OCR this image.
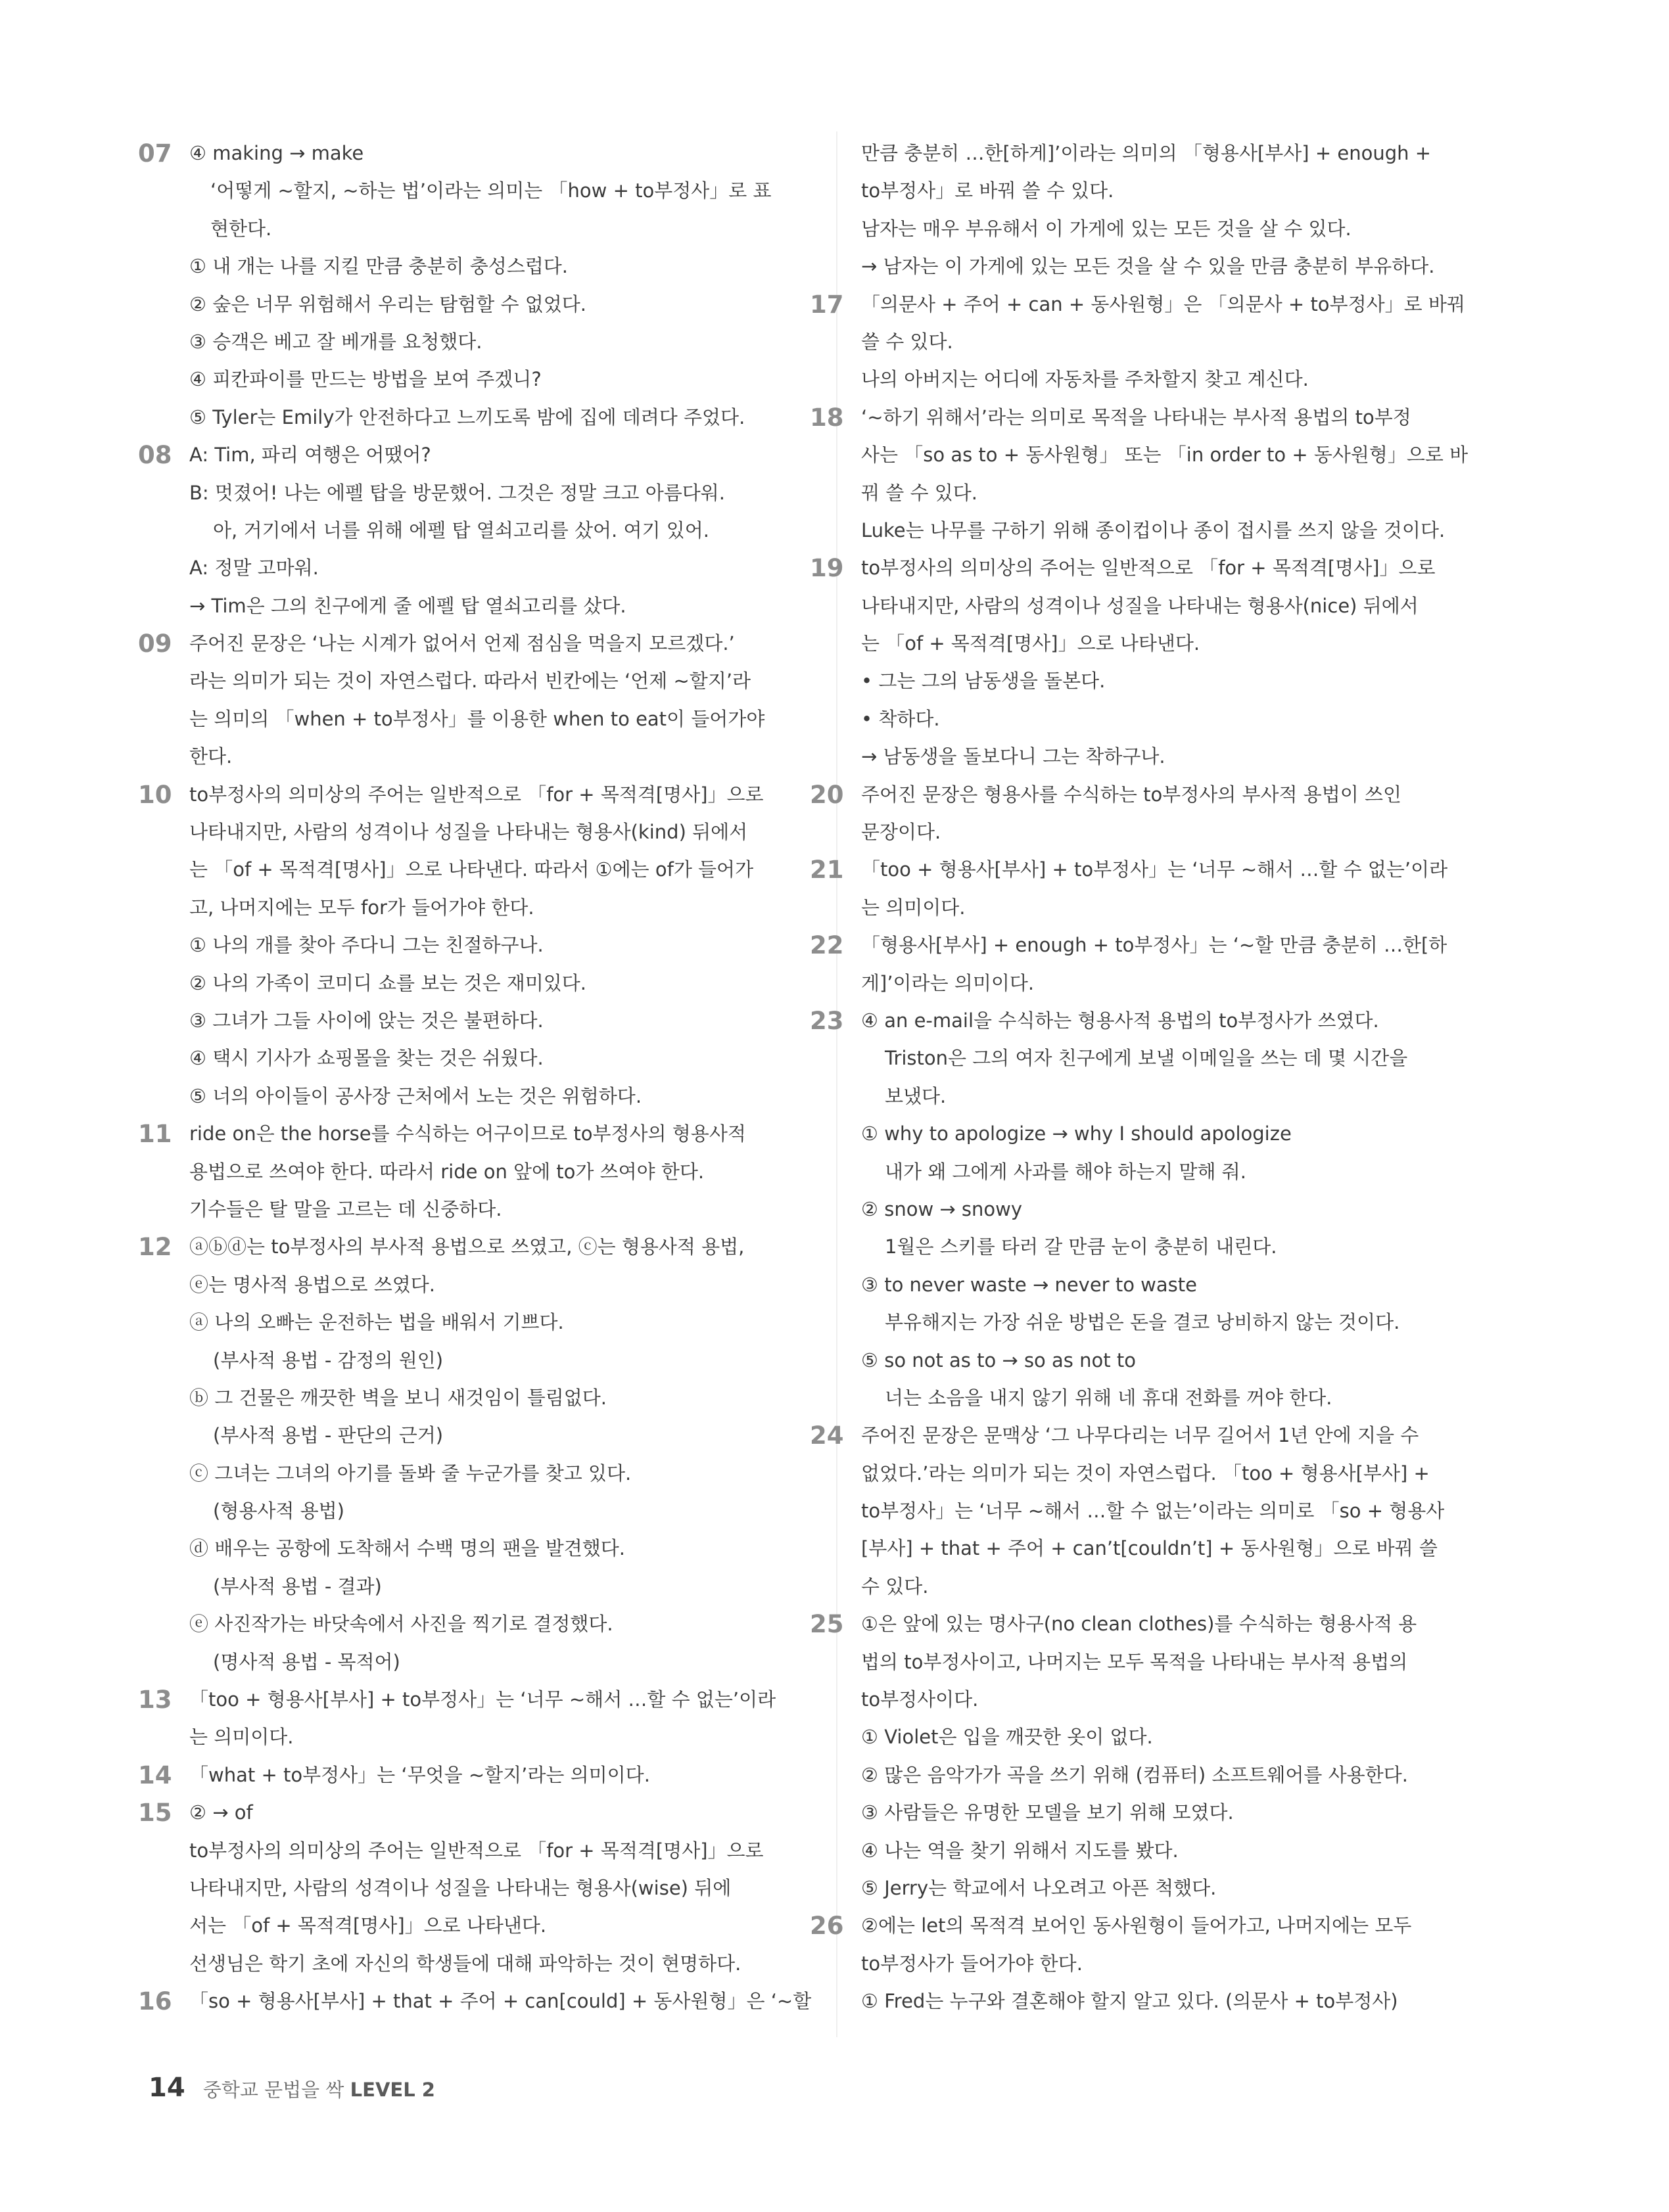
07 ④ making → make
‘어떻게 ~할지, ~하는 법’이라는 의미는 「how + to부정사」로 표
현한다.
① 내 개는 나를 지킬 만큼 충분히 충성스럽다.
② 숲은 너무 위험해서 우리는 탐험할 수 없었다.
③ 승객은 베고 잘 베개를 요청했다.
④ 피칸파이를 만드는 방법을 보여 주겠니?
⑤ Tyler는 Emily가 안전하다고 느끼도록 밤에 집에 데려다 주었다.
08 A: Tim, 파리 여행은 어땠어?
B: 멋졌어! 나는 에펠 탑을 방문했어. 그것은 정말 크고 아름다워.
아, 거기에서 너를 위해 에펠 탑 열쇠고리를 샀어. 여기 있어.
A: 정말 고마워.
→ Tim은 그의 친구에게 줄 에펠 탑 열쇠고리를 샀다.
09 주어진 문장은 ‘나는 시계가 없어서 언제 점심을 먹을지 모르겠다.’
라는 의미가 되는 것이 자연스럽다. 따라서 빈칸에는 ‘언제 ~할지’라
는 의미의 「when + to부정사」를 이용한 when to eat이 들어가야
한다.
10 to부정사의 의미상의 주어는 일반적으로 「for + 목적격[명사]」으로
나타내지만, 사람의 성격이나 성질을 나타내는 형용사(kind) 뒤에서
는 「of + 목적격[명사]」으로 나타낸다. 따라서 ①에는 of가 들어가
고, 나머지에는 모두 for가 들어가야 한다.
① 나의 개를 찾아 주다니 그는 친절하구나.
② 나의 가족이 코미디 쇼를 보는 것은 재미있다.
③ 그녀가 그들 사이에 앉는 것은 불편하다.
④ 택시 기사가 쇼핑몰을 찾는 것은 쉬웠다.
⑤ 너의 아이들이 공사장 근처에서 노는 것은 위험하다.
11 ride on은 the horse를 수식하는 어구이므로 to부정사의 형용사적
용법으로 쓰여야 한다. 따라서 ride on 앞에 to가 쓰여야 한다.
기수들은 탈 말을 고르는 데 신중하다.
12 ⓐⓑⓓ는 to부정사의 부사적 용법으로 쓰였고, ⓒ는 형용사적 용법,
ⓔ는 명사적 용법으로 쓰였다.
ⓐ 나의 오빠는 운전하는 법을 배워서 기쁘다.
(부사적 용법 - 감정의 원인)
ⓑ 그 건물은 깨끗한 벽을 보니 새것임이 틀림없다.
(부사적 용법 - 판단의 근거)
ⓒ 그녀는 그녀의 아기를 돌봐 줄 누군가를 찾고 있다.
(형용사적 용법)
ⓓ 배우는 공항에 도착해서 수백 명의 팬을 발견했다.
(부사적 용법 - 결과)
ⓔ 사진작가는 바닷속에서 사진을 찍기로 결정했다.
(명사적 용법 - 목적어)
13 「too + 형용사[부사] + to부정사」는 ‘너무 ~해서 …할 수 없는’이라
는 의미이다.
14 「what + to부정사」는 ‘무엇을 ~할지’라는 의미이다.
15 ② → of
to부정사의 의미상의 주어는 일반적으로 「for + 목적격[명사]」으로
나타내지만, 사람의 성격이나 성질을 나타내는 형용사(wise) 뒤에
서는 「of + 목적격[명사]」으로 나타낸다.
선생님은 학기 초에 자신의 학생들에 대해 파악하는 것이 현명하다.
16 「so + 형용사[부사] + that + 주어 + can[could] + 동사원형」은 ‘~할
만큼 충분히 …한[하게]’이라는 의미의 「형용사[부사] + enough +
to부정사」로 바꿔 쓸 수 있다.
남자는 매우 부유해서 이 가게에 있는 모든 것을 살 수 있다.
→ 남자는 이 가게에 있는 모든 것을 살 수 있을 만큼 충분히 부유하다.
17 「의문사 + 주어 + can + 동사원형」은 「의문사 + to부정사」로 바꿔
쓸 수 있다.
나의 아버지는 어디에 자동차를 주차할지 찾고 계신다.
18 ‘~하기 위해서’라는 의미로 목적을 나타내는 부사적 용법의 to부정
사는 「so as to + 동사원형」 또는 「in order to + 동사원형」으로 바
꿔 쓸 수 있다.
Luke는 나무를 구하기 위해 종이컵이나 종이 접시를 쓰지 않을 것이다.
19 to부정사의 의미상의 주어는 일반적으로 「for + 목적격[명사]」으로
나타내지만, 사람의 성격이나 성질을 나타내는 형용사(nice) 뒤에서
는 「of + 목적격[명사]」으로 나타낸다.
• 그는 그의 남동생을 돌본다.
• 착하다.
→ 남동생을 돌보다니 그는 착하구나.
20 주어진 문장은 형용사를 수식하는 to부정사의 부사적 용법이 쓰인
문장이다.
21 「too + 형용사[부사] + to부정사」는 ‘너무 ~해서 …할 수 없는’이라
는 의미이다.
22 「형용사[부사] + enough + to부정사」는 ‘~할 만큼 충분히 …한[하
게]’이라는 의미이다.
23 ④ an e-mail을 수식하는 형용사적 용법의 to부정사가 쓰였다.
Triston은 그의 여자 친구에게 보낼 이메일을 쓰는 데 몇 시간을
보냈다.
① why to apologize → why I should apologize
내가 왜 그에게 사과를 해야 하는지 말해 줘.
② snow → snowy
1월은 스키를 타러 갈 만큼 눈이 충분히 내린다.
③ to never waste → never to waste
부유해지는 가장 쉬운 방법은 돈을 결코 낭비하지 않는 것이다.
⑤ so not as to → so as not to
너는 소음을 내지 않기 위해 네 휴대 전화를 꺼야 한다.
24 주어진 문장은 문맥상 ‘그 나무다리는 너무 길어서 1년 안에 지을 수
없었다.’라는 의미가 되는 것이 자연스럽다. 「too + 형용사[부사] +
to부정사」는 ‘너무 ~해서 …할 수 없는’이라는 의미로 「so + 형용사
[부사] + that + 주어 + can’t[couldn’t] + 동사원형」으로 바꿔 쓸
수 있다.
25 ①은 앞에 있는 명사구(no clean clothes)를 수식하는 형용사적 용
법의 to부정사이고, 나머지는 모두 목적을 나타내는 부사적 용법의
to부정사이다.
① Violet은 입을 깨끗한 옷이 없다.
② 많은 음악가가 곡을 쓰기 위해 (컴퓨터) 소프트웨어를 사용한다.
③ 사람들은 유명한 모델을 보기 위해 모였다.
④ 나는 역을 찾기 위해서 지도를 봤다.
⑤ Jerry는 학교에서 나오려고 아픈 척했다.
26 ②에는 let의 목적격 보어인 동사원형이 들어가고, 나머지에는 모두
to부정사가 들어가야 한다.
① Fred는 누구와 결혼해야 할지 알고 있다. (의문사 + to부정사)
14 중학교 문법을 싹 LEVEL 2
